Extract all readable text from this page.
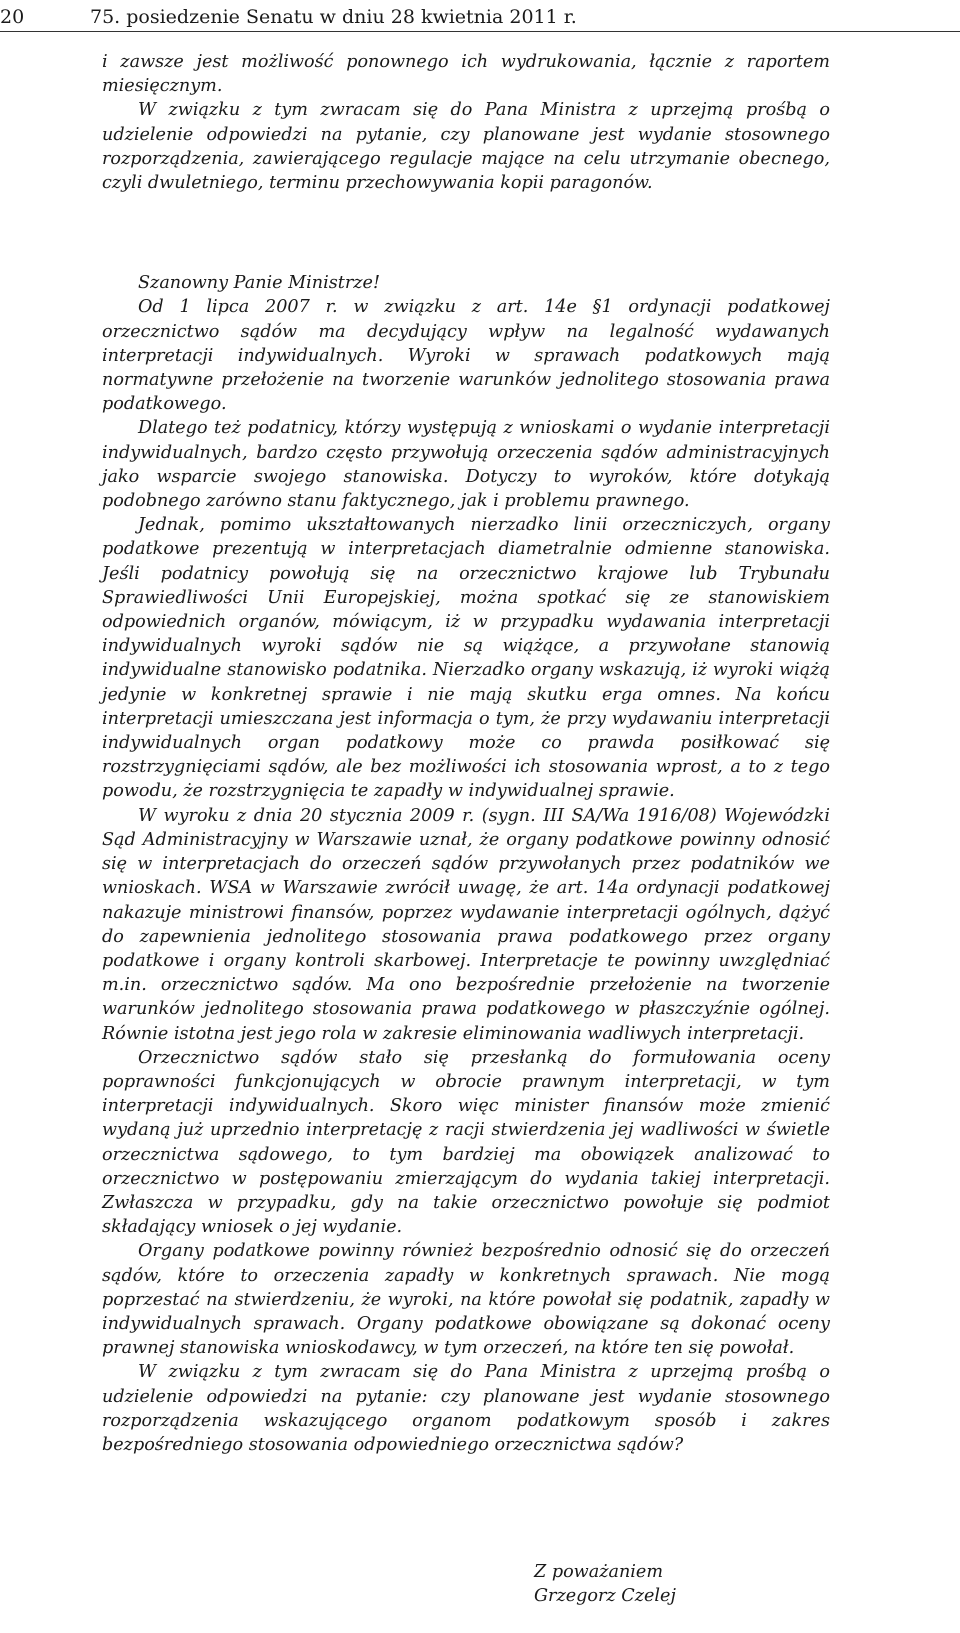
20	75. posiedzenie Senatu w dniu 28 kwietnia 2011 r.

i zawsze jest możliwość ponownego ich wydrukowania, łącznie z raportem miesięcznym.

W związku z tym zwracam się do Pana Ministra z uprzejmą prośbą o udzielenie odpowiedzi na pytanie, czy planowane jest wydanie stosownego rozporządzenia, zawierającego regulacje mające na celu utrzymanie obecnego, czyli dwuletniego, terminu przechowywania kopii paragonów.

Szanowny Panie Ministrze!

Od 1 lipca 2007 r. w związku z art. 14e §1 ordynacji podatkowej orzecznictwo sądów ma decydujący wpływ na legalność wydawanych interpretacji indywidualnych. Wyroki w sprawach podatkowych mają normatywne przełożenie na tworzenie warunków jednolitego stosowania prawa podatkowego.

Dlatego też podatnicy, którzy występują z wnioskami o wydanie interpretacji indywidualnych, bardzo często przywołują orzeczenia sądów administracyjnych jako wsparcie swojego stanowiska. Dotyczy to wyroków, które dotykają podobnego zarówno stanu faktycznego, jak i problemu prawnego.

Jednak, pomimo ukształtowanych nierzadko linii orzeczniczych, organy podatkowe prezentują w interpretacjach diametralnie odmienne stanowiska. Jeśli podatnicy powołują się na orzecznictwo krajowe lub Trybunału Sprawiedliwości Unii Europejskiej, można spotkać się ze stanowiskiem odpowiednich organów, mówiącym, iż w przypadku wydawania interpretacji indywidualnych wyroki sądów nie są wiążące, a przywołane stanowią indywidualne stanowisko podatnika. Nierzadko organy wskazują, iż wyroki wiążą jedynie w konkretnej sprawie i nie mają skutku erga omnes. Na końcu interpretacji umieszczana jest informacja o tym, że przy wydawaniu interpretacji indywidualnych organ podatkowy może co prawda posiłkować się rozstrzygnięciami sądów, ale bez możliwości ich stosowania wprost, a to z tego powodu, że rozstrzygnięcia te zapadły w indywidualnej sprawie.

W wyroku z dnia 20 stycznia 2009 r. (sygn. III SA/Wa 1916/08) Wojewódzki Sąd Administracyjny w Warszawie uznał, że organy podatkowe powinny odnosić się w interpretacjach do orzeczeń sądów przywołanych przez podatników we wnioskach. WSA w Warszawie zwrócił uwagę, że art. 14a ordynacji podatkowej nakazuje ministrowi finansów, poprzez wydawanie interpretacji ogólnych, dążyć do zapewnienia jednolitego stosowania prawa podatkowego przez organy podatkowe i organy kontroli skarbowej. Interpretacje te powinny uwzględniać m.in. orzecznictwo sądów. Ma ono bezpośrednie przełożenie na tworzenie warunków jednolitego stosowania prawa podatkowego w płaszczyźnie ogólnej. Równie istotna jest jego rola w zakresie eliminowania wadliwych interpretacji.

Orzecznictwo sądów stało się przesłanką do formułowania oceny poprawności funkcjonujących w obrocie prawnym interpretacji, w tym interpretacji indywidualnych. Skoro więc minister finansów może zmienić wydaną już uprzednio interpretację z racji stwierdzenia jej wadliwości w świetle orzecznictwa sądowego, to tym bardziej ma obowiązek analizować to orzecznictwo w postępowaniu zmierzającym do wydania takiej interpretacji. Zwłaszcza w przypadku, gdy na takie orzecznictwo powołuje się podmiot składający wniosek o jej wydanie.

Organy podatkowe powinny również bezpośrednio odnosić się do orzeczeń sądów, które to orzeczenia zapadły w konkretnych sprawach. Nie mogą poprzestać na stwierdzeniu, że wyroki, na które powołał się podatnik, zapadły w indywidualnych sprawach. Organy podatkowe obowiązane są dokonać oceny prawnej stanowiska wnioskodawcy, w tym orzeczeń, na które ten się powołał.

W związku z tym zwracam się do Pana Ministra z uprzejmą prośbą o udzielenie odpowiedzi na pytanie: czy planowane jest wydanie stosownego rozporządzenia wskazującego organom podatkowym sposób i zakres bezpośredniego stosowania odpowiedniego orzecznictwa sądów?

Z poważaniem
Grzegorz Czelej
